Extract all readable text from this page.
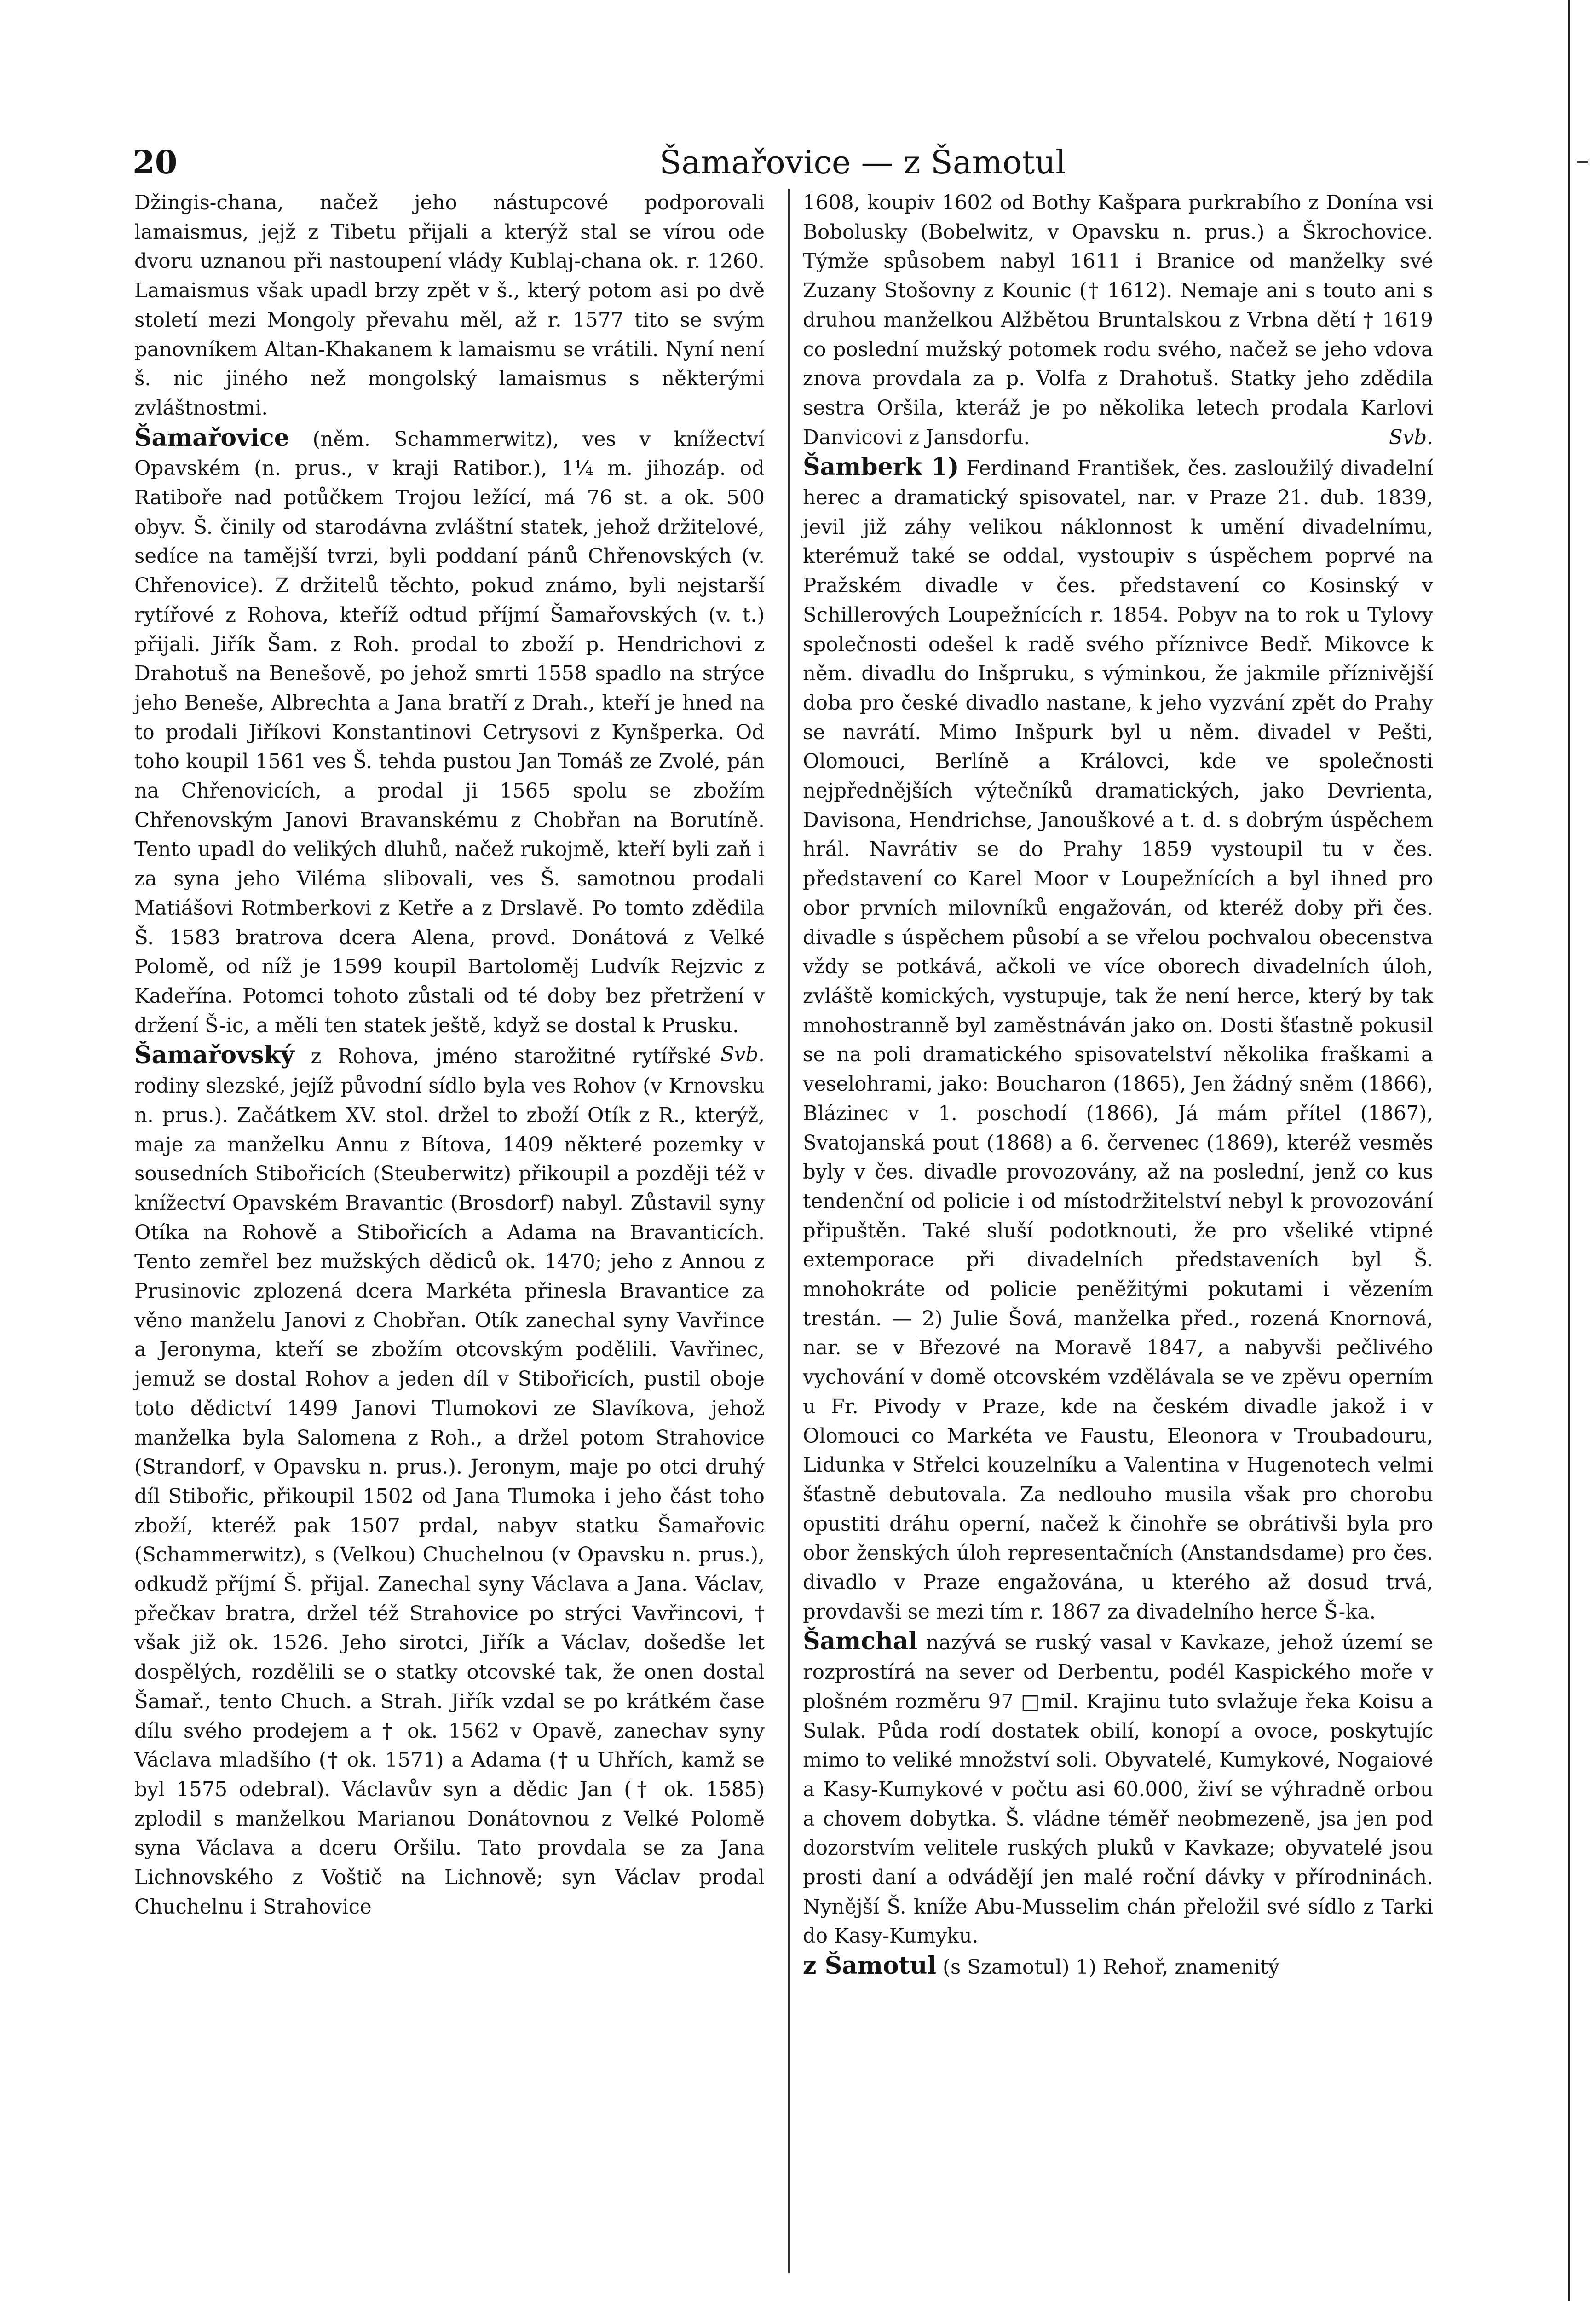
20	Šamařovice — z Šamotul

Džingis-chana, načež jeho nástupcové podporovali lamaismus, jejž z Tibetu přijali a kterýž stal se vírou ode dvoru uznanou při nastoupení vlády Kublaj-chana ok. r. 1260. Lamaismus však upadl brzy zpět v š., který potom asi po dvě století mezi Mongoly převahu měl, až r. 1577 tito se svým panovníkem Altan-Khakanem k lamaismu se vrátili. Nyní není š. nic jiného než mongolský lamaismus s některými zvláštnostmi.

Šamařovice (něm. Schammerwitz), ves v knížectví Opavském (n. prus., v kraji Ratibor.), 1¼ m. jihozáp. od Ratiboře nad potůčkem Trojou ležící, má 76 st. a ok. 500 obyv. Š. činily od starodávna zvláštní statek, jehož držitelové, sedíce na tamější tvrzi, byli poddaní pánů Chřenovských (v. Chřenovice). Z držitelů těchto, pokud známo, byli nejstarší rytířové z Rohova, kteříž odtud příjmí Šamařovských (v. t.) přijali. Jiřík Šam. z Roh. prodal to zboží p. Hendrichovi z Drahotuš na Benešově, po jehož smrti 1558 spadlo na strýce jeho Beneše, Albrechta a Jana bratří z Drah., kteří je hned na to prodali Jiříkovi Konstantinovi Cetrysovi z Kynšperka. Od toho koupil 1561 ves Š. tehda pustou Jan Tomáš ze Zvolé, pán na Chřenovicích, a prodal ji 1565 spolu se zbožím Chřenovským Janovi Bravanskému z Chobřan na Borutíně. Tento upadl do velikých dluhů, načež rukojmě, kteří byli zaň i za syna jeho Viléma slibovali, ves Š. samotnou prodali Matiášovi Rotmberkovi z Ketře a z Drslavě. Po tomto zdědila Š. 1583 bratrova dcera Alena, provd. Donátová z Velké Polomě, od níž je 1599 koupil Bartoloměj Ludvík Rejzvic z Kadeřína. Potomci tohoto zůstali od té doby bez přetržení v držení Š-ic, a měli ten statek ještě, když se dostal k Prusku.
Svb.

Šamařovský z Rohova, jméno starožitné rytířské rodiny slezské, jejíž původní sídlo byla ves Rohov (v Krnovsku n. prus.). Začátkem XV. stol. držel to zboží Otík z R., kterýž, maje za manželku Annu z Bítova, 1409 některé pozemky v sousedních Stibořicích (Steuberwitz) přikoupil a později též v knížectví Opavském Bravantic (Brosdorf) nabyl. Zůstavil syny Otíka na Rohově a Stibořicích a Adama na Bravanticích. Tento zemřel bez mužských dědiců ok. 1470; jeho z Annou z Prusinovic zplozená dcera Markéta přinesla Bravantice za věno manželu Janovi z Chobřan. Otík zanechal syny Vavřince a Jeronyma, kteří se zbožím otcovským podělili. Vavřinec, jemuž se dostal Rohov a jeden díl v Stibořicích, pustil oboje toto dědictví 1499 Janovi Tlumokovi ze Slavíkova, jehož manželka byla Salomena z Roh., a držel potom Strahovice (Strandorf, v Opavsku n. prus.). Jeronym, maje po otci druhý díl Stibořic, přikoupil 1502 od Jana Tlumoka i jeho část toho zboží, kteréž pak 1507 prdal, nabyv statku Šamařovic (Schammerwitz), s (Velkou) Chuchelnou (v Opavsku n. prus.), odkudž příjmí Š. přijal. Zanechal syny Václava a Jana. Václav, přečkav bratra, držel též Strahovice po strýci Vavřincovi, † však již ok. 1526. Jeho sirotci, Jiřík a Václav, došedše let dospělých, rozdělili se o statky otcovské tak, že onen dostal Šamař., tento Chuch. a Strah. Jiřík vzdal se po krátkém čase dílu svého prodejem a † ok. 1562 v Opavě, zanechav syny Václava mladšího († ok. 1571) a Adama († u Uhřích, kamž se byl 1575 odebral). Václavův syn a dědic Jan († ok. 1585) zplodil s manželkou Marianou Donátovnou z Velké Polomě syna Václava a dceru Oršilu. Tato provdala se za Jana Lichnovského z Voštič na Lichnově; syn Václav prodal Chuchelnu i Strahovice

1608, koupiv 1602 od Bothy Kašpara purkrabího z Donína vsi Bobolusky (Bobelwitz, v Opavsku n. prus.) a Škrochovice. Týmže spůsobem nabyl 1611 i Branice od manželky své Zuzany Stošovny z Kounic († 1612). Nemaje ani s touto ani s druhou manželkou Alžbětou Bruntalskou z Vrbna dětí † 1619 co poslední mužský potomek rodu svého, načež se jeho vdova znova provdala za p. Volfa z Drahotuš. Statky jeho zdědila sestra Oršila, kteráž je po několika letech prodala Karlovi Danvicovi z Jansdorfu.	Svb.

Šamberk 1) Ferdinand František, čes. zasloužilý divadelní herec a dramatický spisovatel, nar. v Praze 21. dub. 1839, jevil již záhy velikou náklonnost k umění divadelnímu, kterémuž také se oddal, vystoupiv s úspěchem poprvé na Pražském divadle v čes. představení co Kosinský v Schillerových Loupežnících r. 1854. Pobyv na to rok u Tylovy společnosti odešel k radě svého příznivce Bedř. Mikovce k něm. divadlu do Inšpruku, s výminkou, že jakmile příznivější doba pro české divadlo nastane, k jeho vyzvání zpět do Prahy se navrátí. Mimo Inšpurk byl u něm. divadel v Pešti, Olomouci, Berlíně a Královci, kde ve společnosti nejpřednějších výtečníků dramatických, jako Devrienta, Davisona, Hendrichse, Janouškové a t. d. s dobrým úspěchem hrál. Navrátiv se do Prahy 1859 vystoupil tu v čes. představení co Karel Moor v Loupežnících a byl ihned pro obor prvních milovníků engažován, od kteréž doby při čes. divadle s úspěchem působí a se vřelou pochvalou obecenstva vždy se potkává, ačkoli ve více oborech divadelních úloh, zvláště komických, vystupuje, tak že není herce, který by tak mnohostranně byl zaměstnáván jako on. Dosti šťastně pokusil se na poli dramatického spisovatelství několika fraškami a veselohrami, jako: Boucharon (1865), Jen žádný sněm (1866), Blázinec v 1. poschodí (1866), Já mám přítel (1867), Svatojanská pout (1868) a 6. červenec (1869), kteréž vesměs byly v čes. divadle provozovány, až na poslední, jenž co kus tendenční od policie i od místodržitelství nebyl k provozování připuštěn. Také sluší podotknouti, že pro všeliké vtipné extemporace při divadelních představeních byl Š. mnohokráte od policie peněžitými pokutami i vězením trestán. — 2) Julie Šová, manželka před., rozená Knornová, nar. se v Březové na Moravě 1847, a nabyvši pečlivého vychování v domě otcovském vzdělávala se ve zpěvu operním u Fr. Pivody v Praze, kde na českém divadle jakož i v Olomouci co Markéta ve Faustu, Eleonora v Troubadouru, Lidunka v Střelci kouzelníku a Valentina v Hugenotech velmi šťastně debutovala. Za nedlouho musila však pro chorobu opustiti dráhu operní, načež k činohře se obrátivši byla pro obor ženských úloh representačních (Anstandsdame) pro čes. divadlo v Praze engažována, u kterého až dosud trvá, provdavši se mezi tím r. 1867 za divadelního herce Š-ka.

Šamchal nazývá se ruský vasal v Kavkaze, jehož území se rozprostírá na sever od Derbentu, podél Kaspického moře v plošném rozměru 97 □mil. Krajinu tuto svlažuje řeka Koisu a Sulak. Půda rodí dostatek obilí, konopí a ovoce, poskytujíc mimo to veliké množství soli. Obyvatelé, Kumykové, Nogaiové a Kasy-Kumykové v počtu asi 60.000, živí se výhradně orbou a chovem dobytka. Š. vládne téměř neobmezeně, jsa jen pod dozorstvím velitele ruských pluků v Kavkaze; obyvatelé jsou prosti daní a odvádějí jen malé roční dávky v přírodninách. Nynější Š. kníže Abu-Musselim chán přeložil své sídlo z Tarki do Kasy-Kumyku.

z Šamotul (s Szamotul) 1) Rehoř, znamenitý
